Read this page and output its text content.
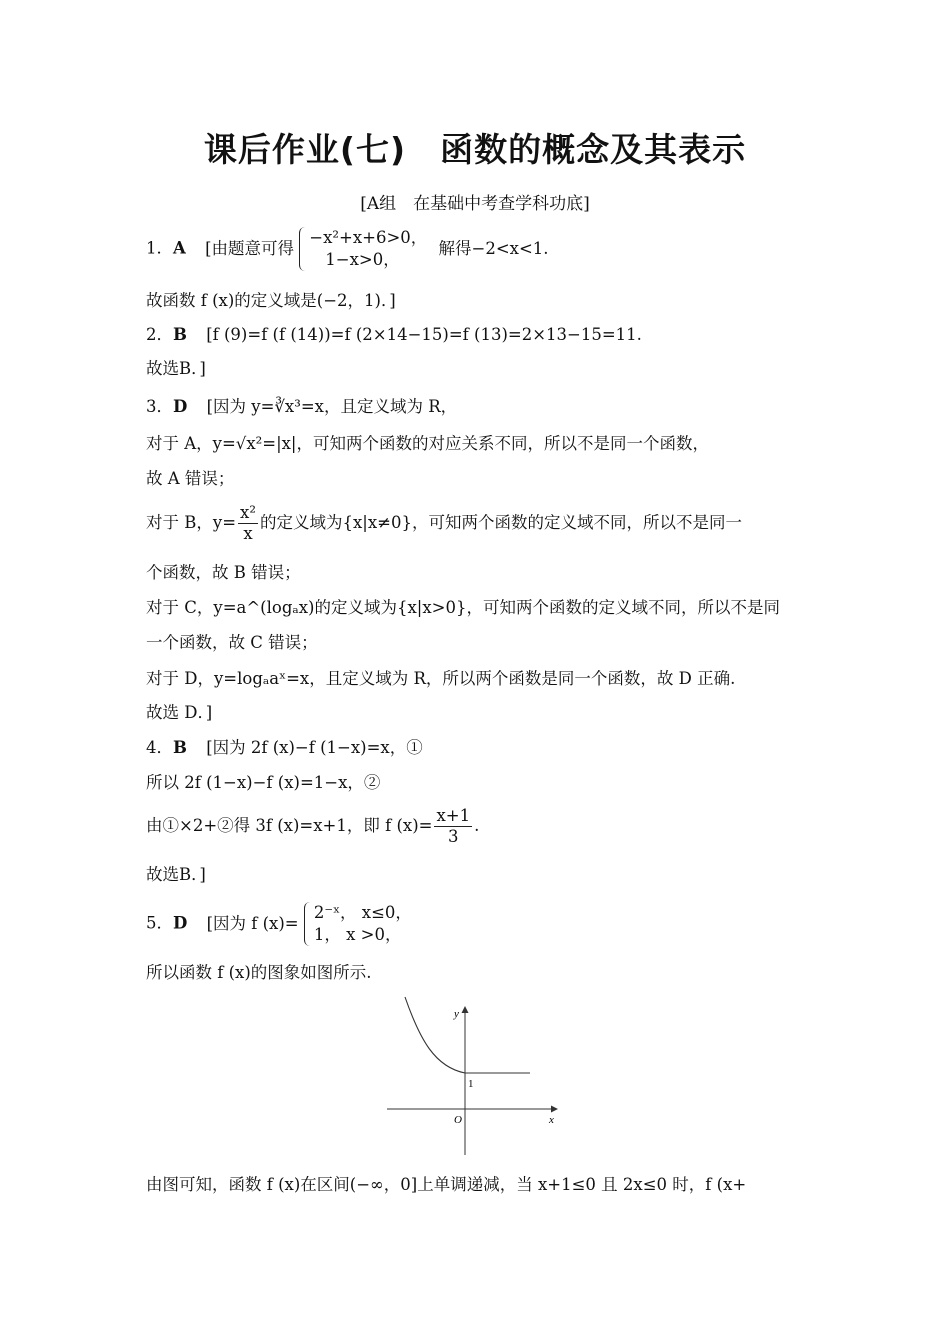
课后作业(七)　函数的概念及其表示
[A组　在基础中考查学科功底]
1．A [由题意可得
−x²+x+6>0，
1−x>0，
解得−2<x<1.
故函数 f (x)的定义域是(−2，1)．]
2．B [f (9)=f (f (14))=f (2×14−15)=f (13)=2×13−15=11.
故选B．]
3．D [因为 y=∛x³=x，且定义域为 R，
对于 A，y=√x²=|x|，可知两个函数的对应关系不同，所以不是同一个函数，
故 A 错误；
对于 B，$y= \frac{\text{x²}}{x}$ 的定义域为{x|x≠0}，可知两个函数的定义域不同，所以不是同一
个函数，故 B 错误；
对于 C，y=a^(logₐx)的定义域为{x|x>0}，可知两个函数的定义域不同，所以不是同
一个函数，故 C 错误；
对于 D，y=logₐaˣ=x，且定义域为 R，所以两个函数是同一个函数，故 D 正确.
故选 D．]
4．B [因为 2f (x)−f (1−x)=x，①
所以 2f (1−x)−f (x)=1−x，②
由①×2+②得 3f (x)=x+1，即 f $(x)= \frac{x+1}{3}$ .
故选B．]
5．D [因为 f (x)=
2⁻ˣ， x≤0，
1， x >0，
所以函数 f (x)的图象如图所示.
y
x
O
1
由图可知，函数 f (x)在区间(−∞，0]上单调递减，当 x+1≤0 且 2x≤0 时，f (x+
